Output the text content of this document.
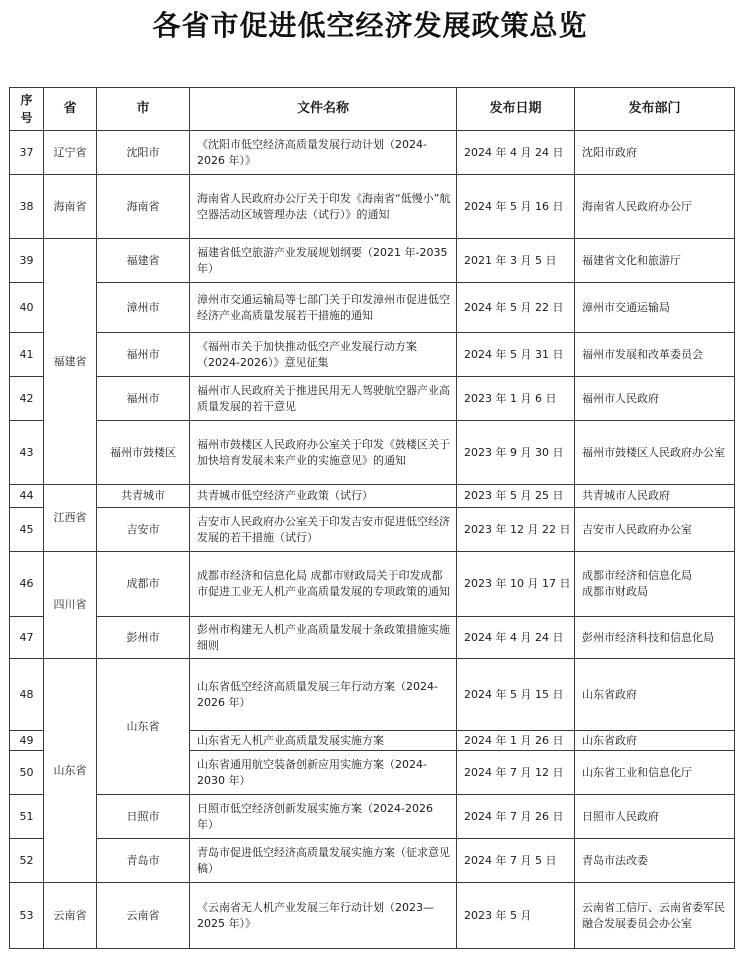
各省市促进低空经济发展政策总览
序号	省	市	文件名称	发布日期	发布部门
37	辽宁省	沈阳市	《沈阳市低空经济高质量发展行动计划（2024-2026 年）》	2024 年 4 月 24 日	沈阳市政府
38	海南省	海南省	海南省人民政府办公厅关于印发《海南省“低慢小”航空器活动区域管理办法（试行）》的通知	2024 年 5 月 16 日	海南省人民政府办公厅
39	福建省	福建省	福建省低空旅游产业发展规划纲要（2021 年-2035 年）	2021 年 3 月 5 日	福建省文化和旅游厅
40		漳州市	漳州市交通运输局等七部门关于印发漳州市促进低空经济产业高质量发展若干措施的通知	2024 年 5 月 22 日	漳州市交通运输局
41		福州市	《福州市关于加快推动低空产业发展行动方案（2024-2026）》意见征集	2024 年 5 月 31 日	福州市发展和改革委员会
42		福州市	福州市人民政府关于推进民用无人驾驶航空器产业高质量发展的若干意见	2023 年 1 月 6 日	福州市人民政府
43		福州市鼓楼区	福州市鼓楼区人民政府办公室关于印发《鼓楼区关于加快培育发展未来产业的实施意见》的通知	2023 年 9 月 30 日	福州市鼓楼区人民政府办公室
44	江西省	共青城市	共青城市低空经济产业政策（试行）	2023 年 5 月 25 日	共青城市人民政府
45		吉安市	吉安市人民政府办公室关于印发吉安市促进低空经济发展的若干措施（试行）	2023 年 12 月 22 日	吉安市人民政府办公室
46	四川省	成都市	成都市经济和信息化局 成都市财政局关于印发成都市促进工业无人机产业高质量发展的专项政策的通知	2023 年 10 月 17 日	成都市经济和信息化局
成都市财政局
47		彭州市	彭州市构建无人机产业高质量发展十条政策措施实施细则	2024 年 4 月 24 日	彭州市经济科技和信息化局
48	山东省	山东省	山东省低空经济高质量发展三年行动方案（2024-2026 年）	2024 年 5 月 15 日	山东省政府
49			山东省无人机产业高质量发展实施方案	2024 年 1 月 26 日	山东省政府
50			山东省通用航空装备创新应用实施方案（2024-2030 年）	2024 年 7 月 12 日	山东省工业和信息化厅
51		日照市	日照市低空经济创新发展实施方案（2024-2026 年）	2024 年 7 月 26 日	日照市人民政府
52		青岛市	青岛市促进低空经济高质量发展实施方案（征求意见稿）	2024 年 7 月 5 日	青岛市法改委
53	云南省	云南省	《云南省无人机产业发展三年行动计划（2023—2025 年）》	2023 年 5 月	云南省工信厅、云南省委军民融合发展委员会办公室
